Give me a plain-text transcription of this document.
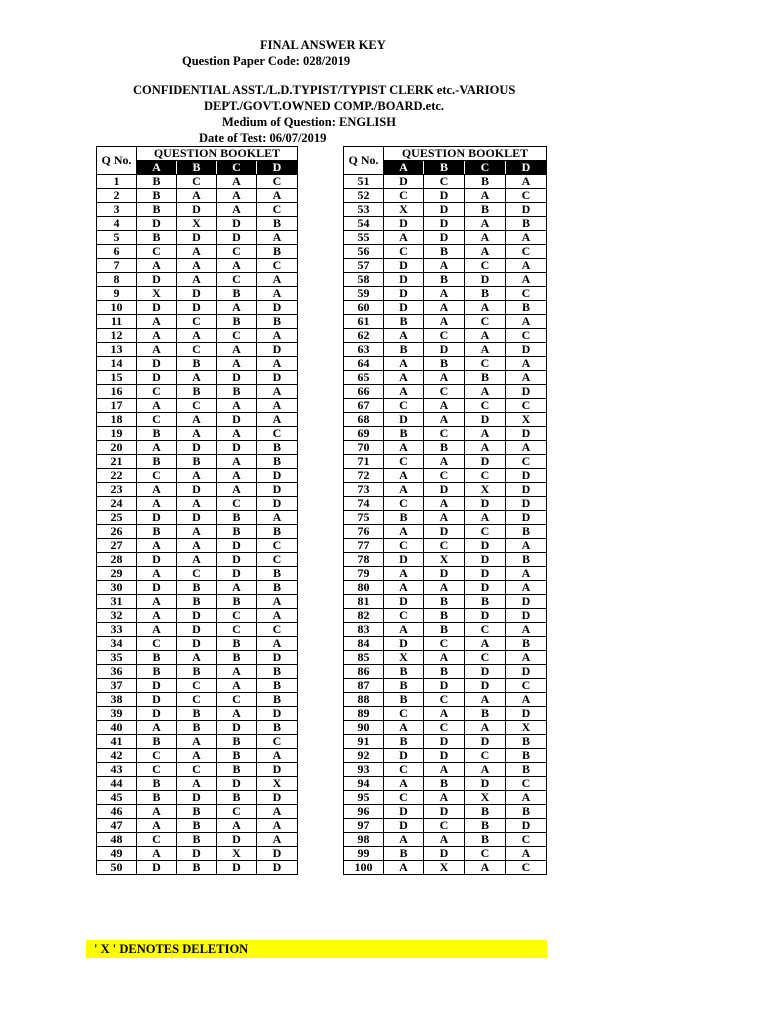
FINAL ANSWER KEY
Question Paper Code: 028/2019
CONFIDENTIAL ASST./L.D.TYPIST/TYPIST CLERK etc.-VARIOUS
DEPT./GOVT.OWNED COMP./BOARD.etc.
Medium of Question: ENGLISH
Date of Test: 06/07/2019
Q No.	QUESTION BOOKLET			
	A	B	C	D
1	B	C	A	C
2	B	A	A	A
3	B	D	A	C
4	D	X	D	B
5	B	D	D	A
6	C	A	C	B
7	A	A	A	C
8	D	A	C	A
9	X	D	B	A
10	D	D	A	D
11	A	C	B	B
12	A	A	C	A
13	A	C	A	D
14	D	B	A	A
15	D	A	D	D
16	C	B	B	A
17	A	C	A	A
18	C	A	D	A
19	B	A	A	C
20	A	D	D	B
21	B	B	A	B
22	C	A	A	D
23	A	D	A	D
24	A	A	C	D
25	D	D	B	A
26	B	A	B	B
27	A	A	D	C
28	D	A	D	C
29	A	C	D	B
30	D	B	A	B
31	A	B	B	A
32	A	D	C	A
33	A	D	C	C
34	C	D	B	A
35	B	A	B	D
36	B	B	A	B
37	D	C	A	B
38	D	C	C	B
39	D	B	A	D
40	A	B	D	B
41	B	A	B	C
42	C	A	B	A
43	C	C	B	D
44	B	A	D	X
45	B	D	B	D
46	A	B	C	A
47	A	B	A	A
48	C	B	D	A
49	A	D	X	D
50	D	B	D	D
Q No.	QUESTION BOOKLET			
	A	B	C	D
51	D	C	B	A
52	C	D	A	C
53	X	D	B	D
54	D	D	A	B
55	A	D	A	A
56	C	B	A	C
57	D	A	C	A
58	D	B	D	A
59	D	A	B	C
60	D	A	A	B
61	B	A	C	A
62	A	C	A	C
63	B	D	A	D
64	A	B	C	A
65	A	A	B	A
66	A	C	A	D
67	C	A	C	C
68	D	A	D	X
69	B	C	A	D
70	A	B	A	A
71	C	A	D	C
72	A	C	C	D
73	A	D	X	D
74	C	A	D	D
75	B	A	A	D
76	A	D	C	B
77	C	C	D	A
78	D	X	D	B
79	A	D	D	A
80	A	A	D	A
81	D	B	B	D
82	C	B	D	D
83	A	B	C	A
84	D	C	A	B
85	X	A	C	A
86	B	B	D	D
87	B	D	D	C
88	B	C	A	A
89	C	A	B	D
90	A	C	A	X
91	B	D	D	B
92	D	D	C	B
93	C	A	A	B
94	A	B	D	C
95	C	A	X	A
96	D	D	B	B
97	D	C	B	D
98	A	A	B	C
99	B	D	C	A
100	A	X	A	C
' X ' DENOTES DELETION
